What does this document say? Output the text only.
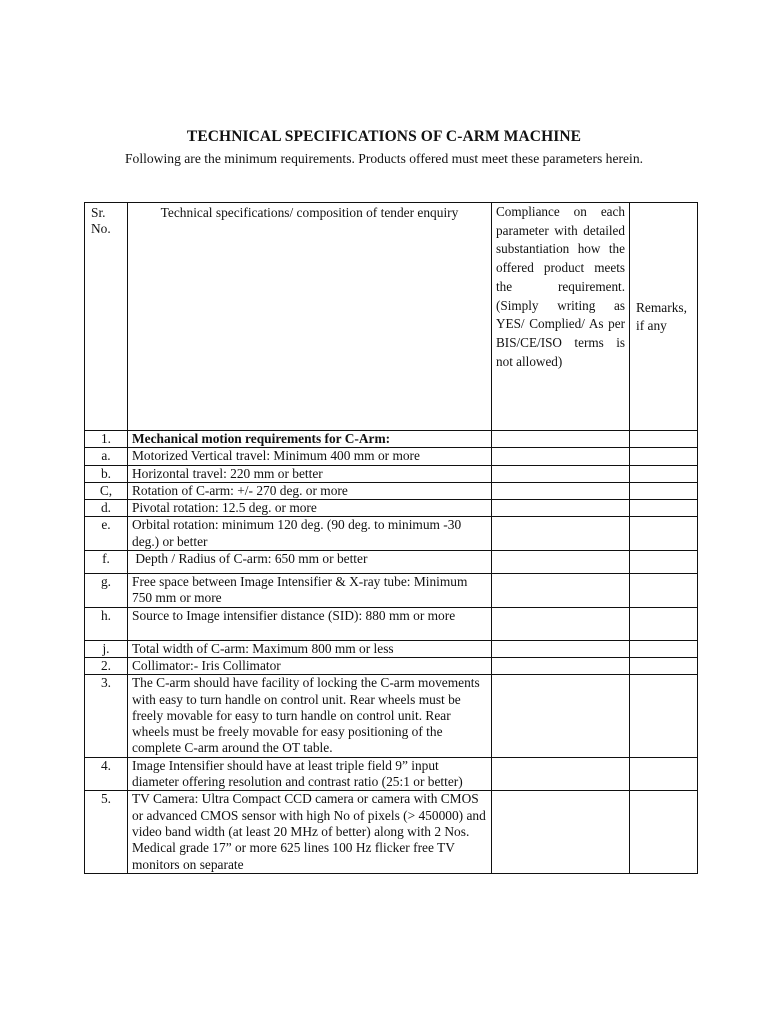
TECHNICAL SPECIFICATIONS OF C-ARM MACHINE
Following are the minimum requirements. Products offered must meet these parameters herein.
Sr. No.	Technical specifications/ composition of tender enquiry	Compliance on each parameter with detailed substantiation how the offered product meets the requirement. (Simply writing as YES/ Complied/ As per BIS/CE/ISO terms is not allowed)	Remarks, if any
1.	Mechanical motion requirements for C-Arm:		
a.	Motorized Vertical travel: Minimum 400 mm or more		
b.	Horizontal travel: 220 mm or better		
C,	Rotation of C-arm: +/- 270 deg. or more		
d.	Pivotal rotation: 12.5 deg. or more		
e.	Orbital rotation: minimum 120 deg. (90 deg. to minimum -30 deg.) or better		
f.	Depth / Radius of C-arm: 650 mm or better		
g.	Free space between Image Intensifier & X-ray tube: Minimum 750 mm or more		
h.	Source to Image intensifier distance (SID): 880 mm or more		
j.	Total width of C-arm: Maximum 800 mm or less		
2.	Collimator:- Iris Collimator		
3.	The C-arm should have facility of locking the C-arm movements with easy to turn handle on control unit. Rear wheels must be freely movable for easy to turn handle on control unit. Rear wheels must be freely movable for easy positioning of the complete C-arm around the OT table.		
4.	Image Intensifier should have at least triple field 9” input diameter offering resolution and contrast ratio (25:1 or better)		
5.	TV Camera: Ultra Compact CCD camera or camera with CMOS or advanced CMOS sensor with high No of pixels (> 450000) and video band width (at least 20 MHz of better) along with 2 Nos. Medical grade 17” or more 625 lines 100 Hz flicker free TV monitors on separate		
